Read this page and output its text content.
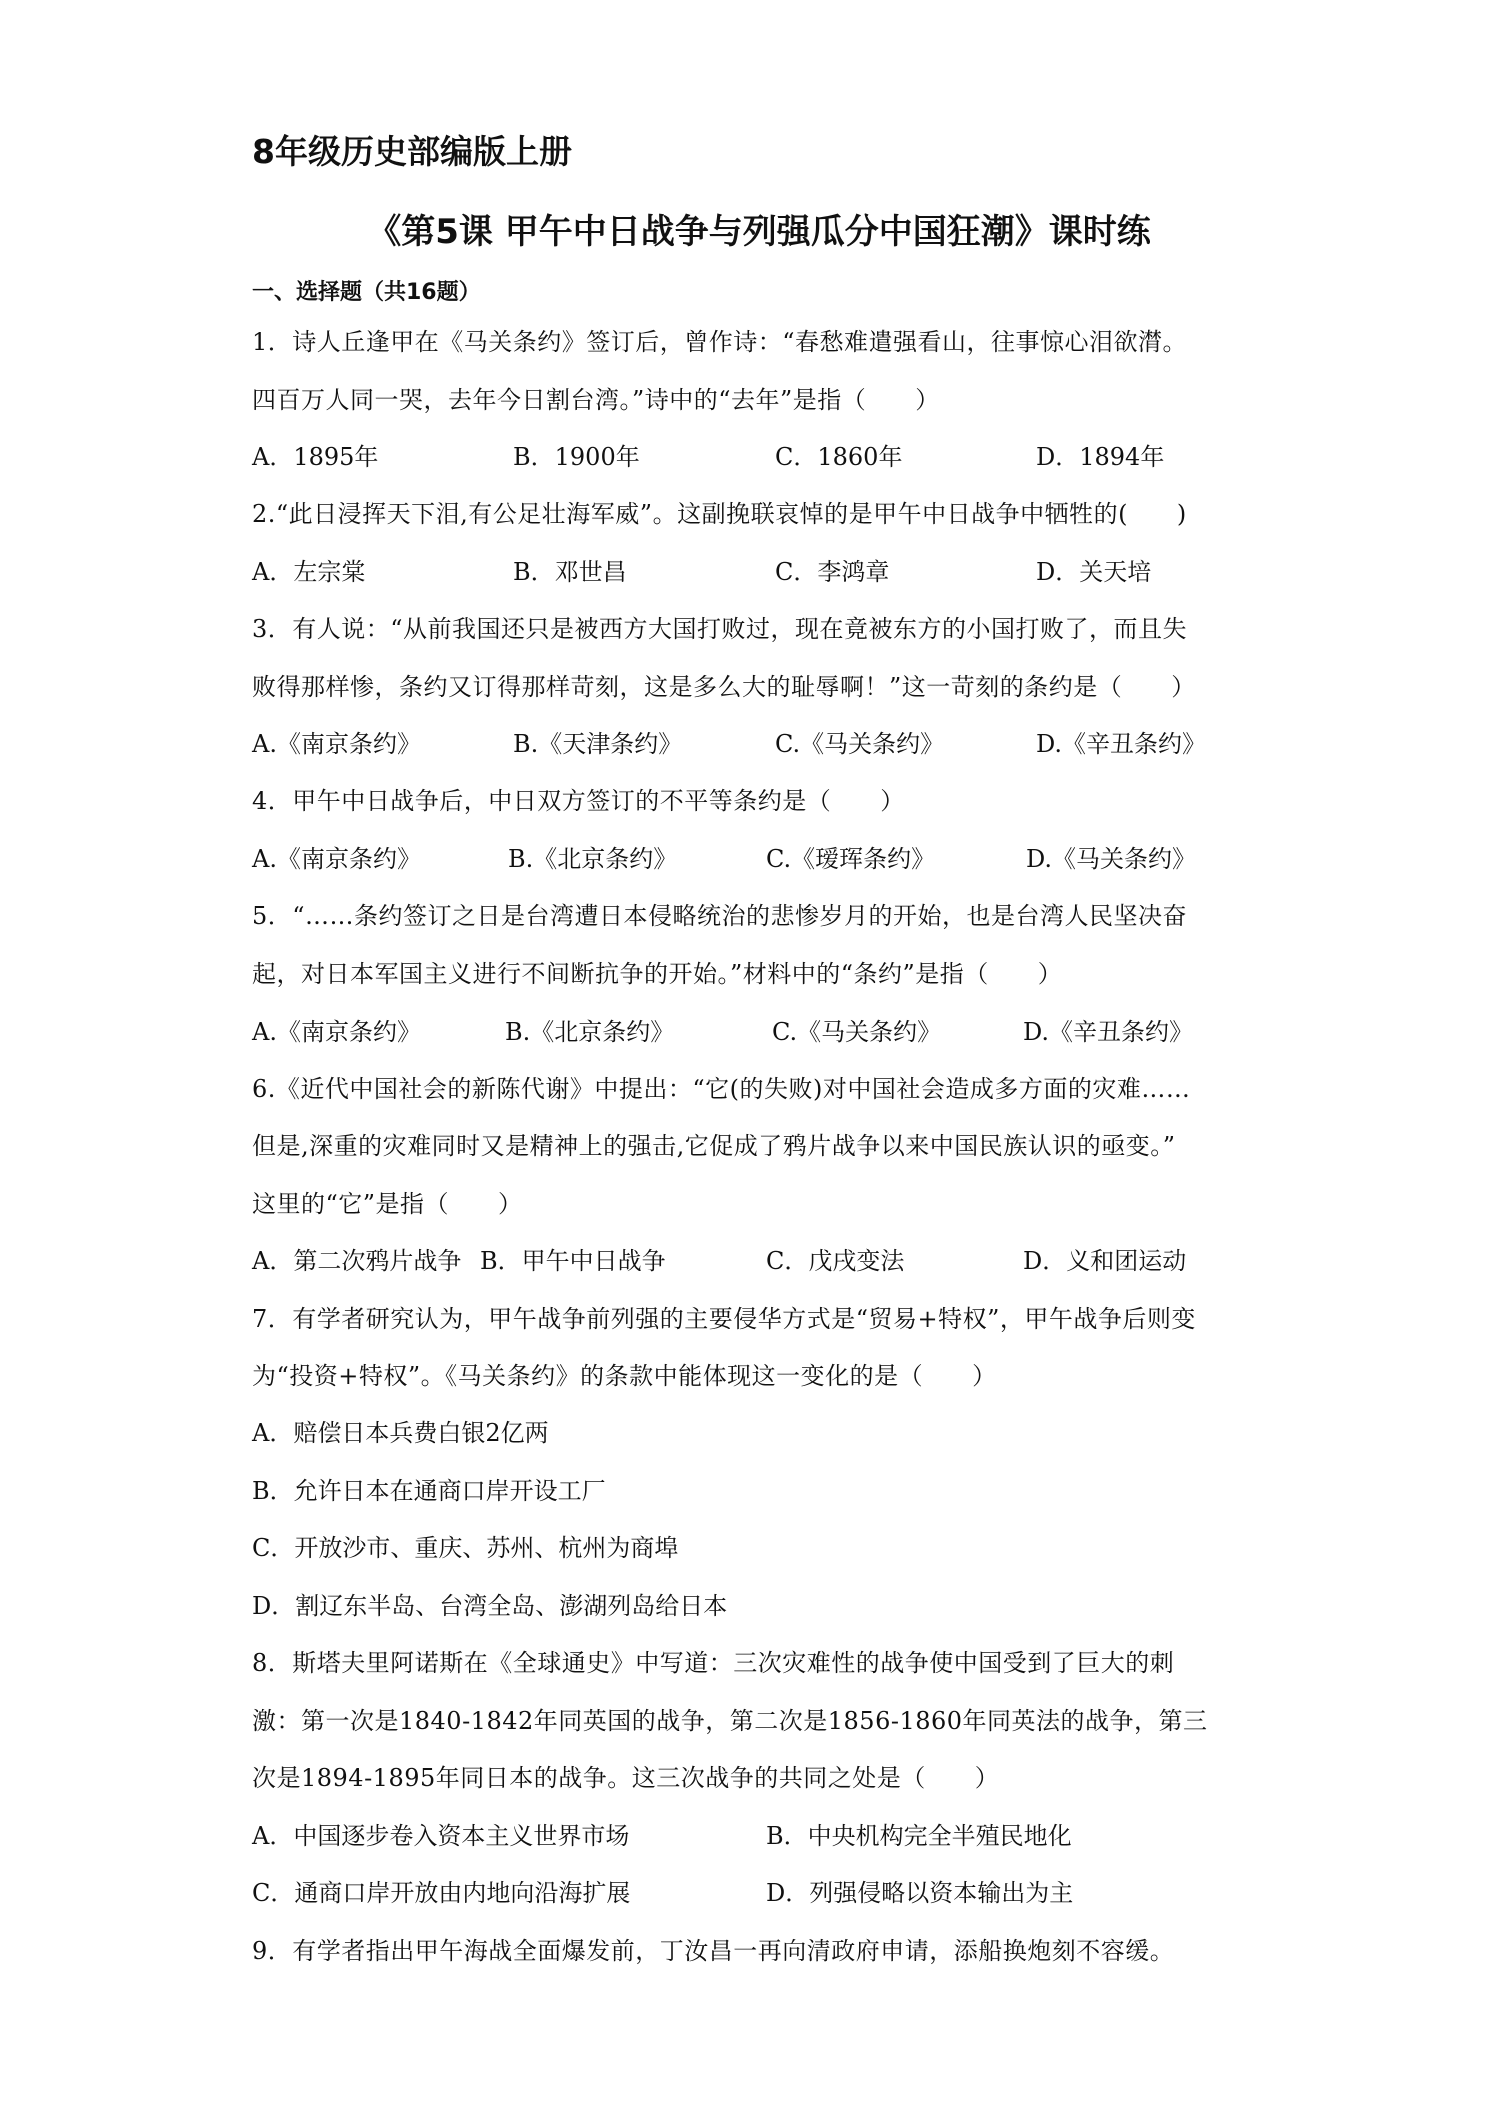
8年级历史部编版上册
《第5课 甲午中日战争与列强瓜分中国狂潮》课时练
一、选择题（共16题）
1．诗人丘逢甲在《马关条约》签订后，曾作诗：“春愁难遣强看山，往事惊心泪欲潸。
四百万人同一哭，去年今日割台湾。”诗中的“去年”是指（　　）
A．1895年	B．1900年	C．1860年	D．1894年
2.“此日浸挥天下泪,有公足壮海军威”。这副挽联哀悼的是甲午中日战争中牺牲的(　　)
A．左宗棠	B．邓世昌	C．李鸿章	D．关天培
3．有人说：“从前我国还只是被西方大国打败过，现在竟被东方的小国打败了，而且失
败得那样惨，条约又订得那样苛刻，这是多么大的耻辱啊！”这一苛刻的条约是（　　）
A.《南京条约》	B.《天津条约》	C.《马关条约》	D.《辛丑条约》
4．甲午中日战争后，中日双方签订的不平等条约是（　　）
A.《南京条约》	B.《北京条约》	C.《瑷珲条约》	D.《马关条约》
5．“……条约签订之日是台湾遭日本侵略统治的悲惨岁月的开始，也是台湾人民坚决奋
起，对日本军国主义进行不间断抗争的开始。”材料中的“条约”是指（　　）
A.《南京条约》	B.《北京条约》	C.《马关条约》	D.《辛丑条约》
6.《近代中国社会的新陈代谢》中提出：“它(的失败)对中国社会造成多方面的灾难……
但是,深重的灾难同时又是精神上的强击,它促成了鸦片战争以来中国民族认识的亟变。”
这里的“它”是指（　　）
A．第二次鸦片战争 B．甲午中日战争	C．戊戌变法	D．义和团运动
7．有学者研究认为，甲午战争前列强的主要侵华方式是“贸易+特权”，甲午战争后则变
为“投资+特权”。《马关条约》的条款中能体现这一变化的是（　　）
A．赔偿日本兵费白银2亿两
B．允许日本在通商口岸开设工厂
C．开放沙市、重庆、苏州、杭州为商埠
D．割辽东半岛、台湾全岛、澎湖列岛给日本
8．斯塔夫里阿诺斯在《全球通史》中写道：三次灾难性的战争使中国受到了巨大的刺
激：第一次是1840-1842年同英国的战争，第二次是1856-1860年同英法的战争，第三
次是1894-1895年同日本的战争。这三次战争的共同之处是（　　）
A．中国逐步卷入资本主义世界市场	B．中央机构完全半殖民地化
C．通商口岸开放由内地向沿海扩展	D．列强侵略以资本输出为主
9．有学者指出甲午海战全面爆发前，丁汝昌一再向清政府申请，添船换炮刻不容缓。
